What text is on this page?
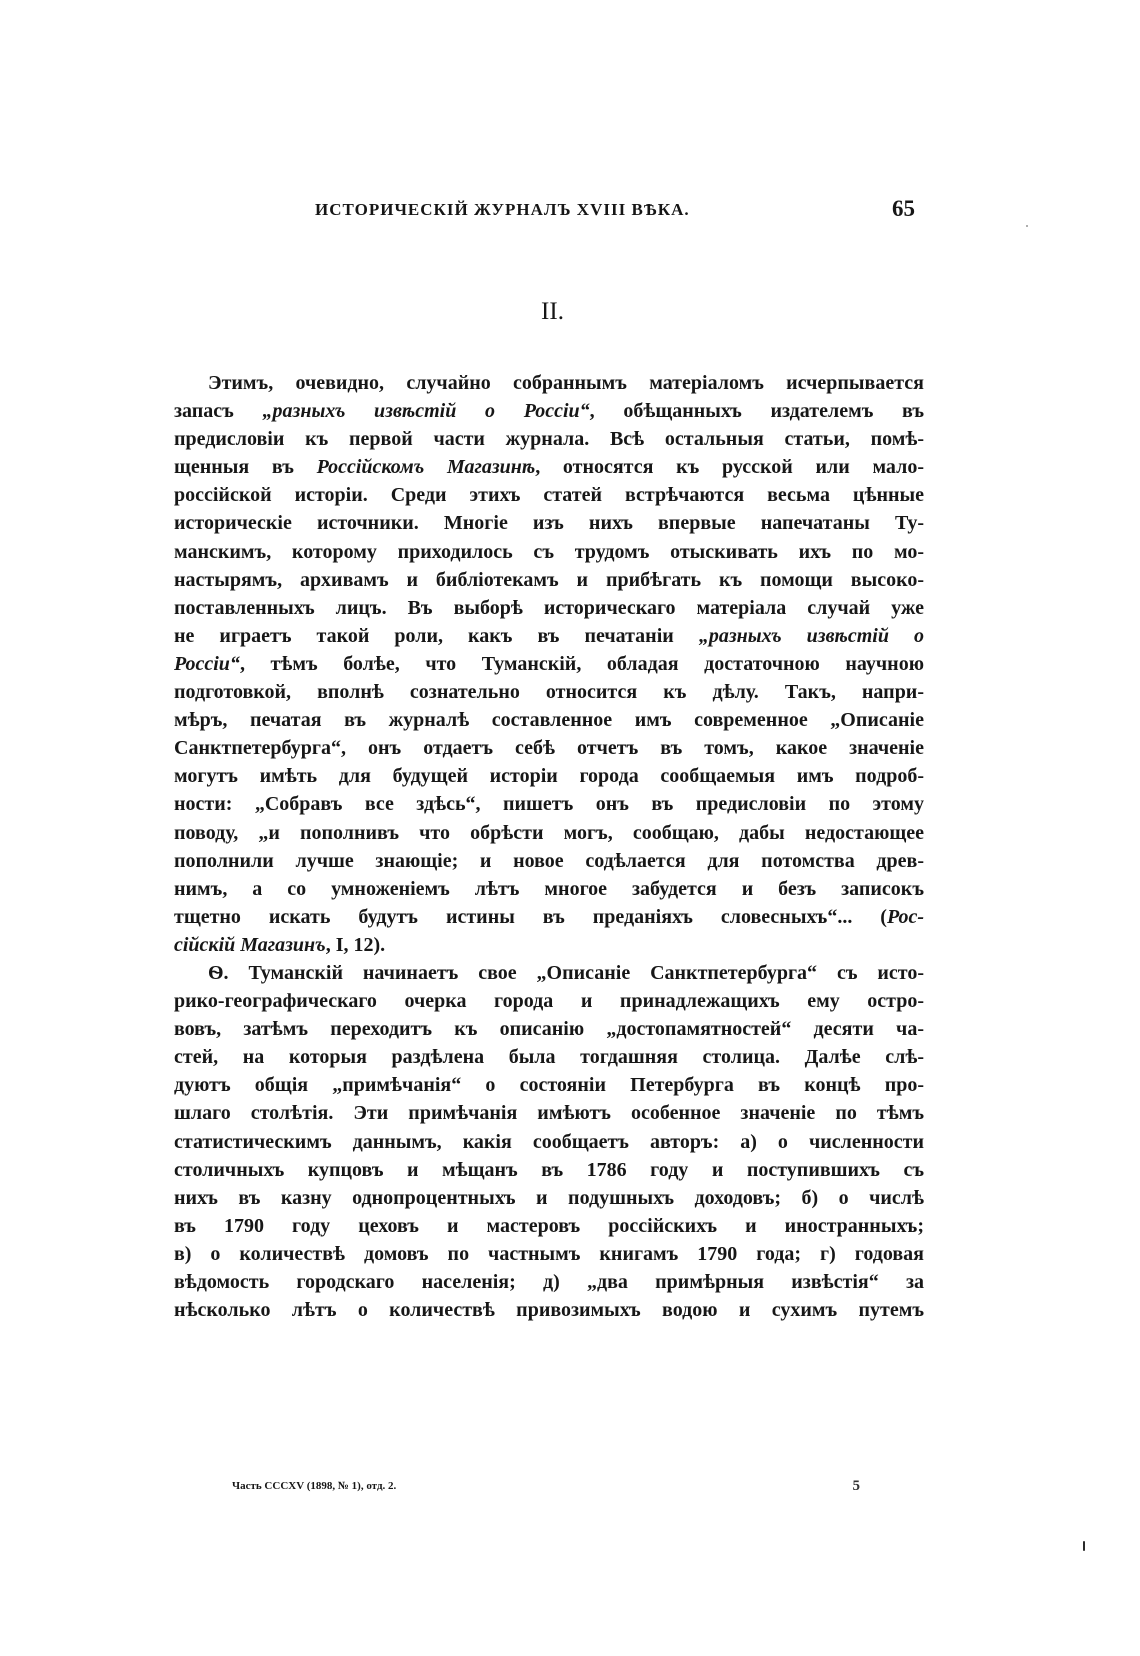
ИСТОРИЧЕСКІЙ ЖУРНАЛЪ XVIII ВѢКА.	65
II.
Этимъ, очевидно, случайно собраннымъ матеріаломъ исчерпывается
запасъ „разныхъ извѣстій о Россіи“, обѣщанныхъ издателемъ въ
предисловіи къ первой части журнала. Всѣ остальныя статьи, помѣ-
щенныя въ Россійскомъ Магазинѣ, относятся къ русской или мало-
россійской исторіи. Среди этихъ статей встрѣчаются весьма цѣнные
историческіе источники. Многіе изъ нихъ впервые напечатаны Ту-
манскимъ, которому приходилось съ трудомъ отыскивать ихъ по мо-
настырямъ, архивамъ и библіотекамъ и прибѣгать къ помощи высоко-
поставленныхъ лицъ. Въ выборѣ историческаго матеріала случай уже
не играетъ такой роли, какъ въ печатаніи „разныхъ извѣстій о
Россіи“, тѣмъ болѣе, что Туманскій, обладая достаточною научною
подготовкой, вполнѣ сознательно относится къ дѣлу. Такъ, напри-
мѣръ, печатая въ журналѣ составленное имъ современное „Описаніе
Санктпетербурга“, онъ отдаетъ себѣ отчетъ въ томъ, какое значеніе
могутъ имѣть для будущей исторіи города сообщаемыя имъ подроб-
ности: „Собравъ все здѣсь“, пишетъ онъ въ предисловіи по этому
поводу, „и пополнивъ что обрѣсти могъ, сообщаю, дабы недостающее
пополнили лучше знающіе; и новое содѣлается для потомства древ-
нимъ, а со умноженіемъ лѣтъ многое забудется и безъ записокъ
тщетно искать будутъ истины въ преданіяхъ словесныхъ“... (Рос-
сійскій Магазинъ, I, 12).
Ѳ. Туманскій начинаетъ свое „Описаніе Санктпетербурга“ съ исто-
рико-географическаго очерка города и принадлежащихъ ему остро-
вовъ, затѣмъ переходитъ къ описанію „достопамятностей“ десяти ча-
стей, на которыя раздѣлена была тогдашняя столица. Далѣе слѣ-
дуютъ общія „примѣчанія“ о состояніи Петербурга въ концѣ про-
шлаго столѣтія. Эти примѣчанія имѣютъ особенное значеніе по тѣмъ
статистическимъ даннымъ, какія сообщаетъ авторъ: а) о численности
столичныхъ купцовъ и мѣщанъ въ 1786 году и поступившихъ съ
нихъ въ казну однопроцентныхъ и подушныхъ доходовъ; б) о числѣ
въ 1790 году цеховъ и мастеровъ россійскихъ и иностранныхъ;
в) о количествѣ домовъ по частнымъ книгамъ 1790 года; г) годовая
вѣдомость городскаго населенія; д) „два примѣрныя извѣстія“ за
нѣсколько лѣтъ о количествѣ привозимыхъ водою и сухимъ путемъ
Часть CCCXV (1898, № 1), отд. 2.	5
